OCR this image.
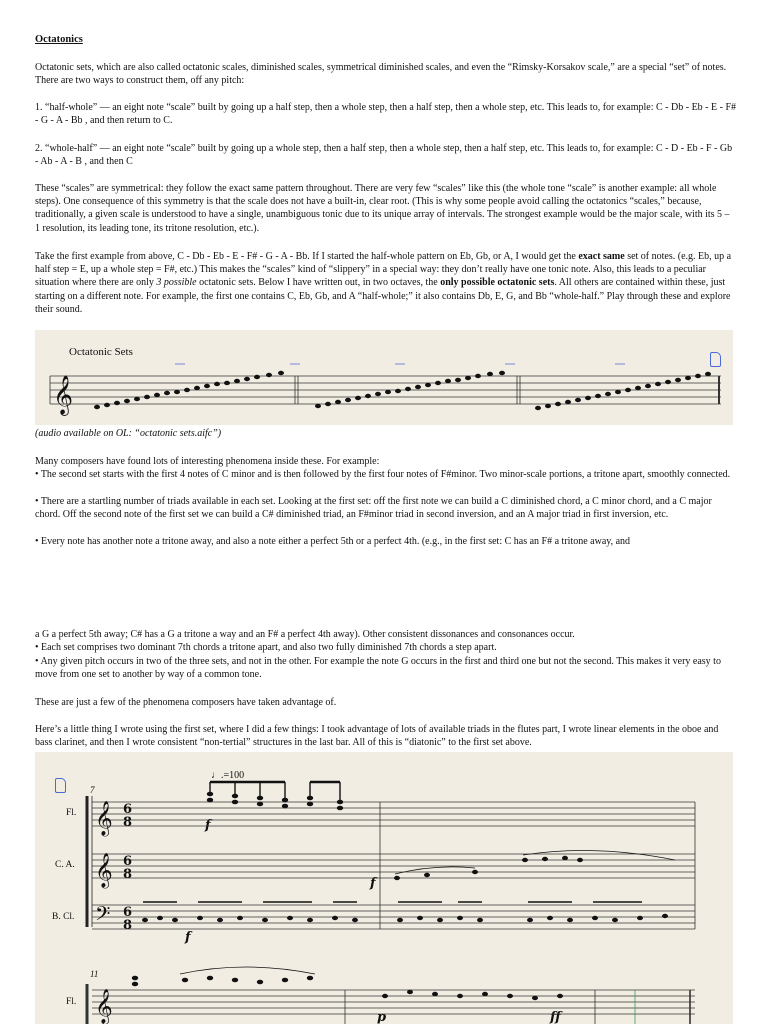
Octatonics
Octatonic sets, which are also called octatonic scales, diminished scales, symmetrical diminished scales, and even the “Rimsky-Korsakov scale,” are a special “set” of notes. There are two ways to construct them, off any pitch:
1. “half-whole” — an eight note “scale” built by going up a half step, then a whole step, then a half step, then a whole step, etc. This leads to, for example: C - Db - Eb - E - F# - G - A - Bb , and then return to C.
2. “whole-half” — an eight note “scale” built by going up a whole step, then a half step, then a whole step, then a half step, etc. This leads to, for example: C - D - Eb - F - Gb - Ab - A - B , and then C
These “scales” are symmetrical: they follow the exact same pattern throughout. There are very few “scales” like this (the whole tone “scale” is another example: all whole steps). One consequence of this symmetry is that the scale does not have a built-in, clear root. (This is why some people avoid calling the octatonics “scales,” because, traditionally, a given scale is understood to have a single, unambiguous tonic due to its unique array of intervals. The strongest example would be the major scale, with its 5 – 1 resolution, its leading tone, its tritone resolution, etc.).
Take the first example from above, C - Db - Eb - E - F# - G - A - Bb. If I started the half-whole pattern on Eb, Gb, or A, I would get the exact same set of notes. (e.g. Eb, up a half step = E, up a whole step = F#, etc.) This makes the “scales” kind of “slippery” in a special way: they don’t really have one tonic note. Also, this leads to a peculiar situation where there are only 3 possible octatonic sets. Below I have written out, in two octaves, the only possible octatonic sets. All others are contained within these, just starting on a different note. For example, the first one contains C, Eb, Gb, and A “half-whole;” it also contains Db, E, G, and Bb “whole-half.” Play through these and explore their sound.
Octatonic Sets
𝄞
(audio available on OL: “octatonic sets.aifc”)
Many composers have found lots of interesting phenomena inside these. For example:
• The second set starts with the first 4 notes of C minor and is then followed by the first four notes of F#minor. Two minor-scale portions, a tritone apart, smoothly connected.
• There are a startling number of triads available in each set. Looking at the first set: off the first note we can build a C diminished chord, a C minor chord, and a C major chord. Off the second note of the first set we can build a C# diminished triad, an F#minor triad in second inversion, and an A major triad in first inversion, etc.
• Every note has another note a tritone away, and also a note either a perfect 5th or a perfect 4th. (e.g., in the first set: C has an F# a tritone away, and
a G a perfect 5th away; C# has a G a tritone a way and an F# a perfect 4th away). Other consistent dissonances and consonances occur.
• Each set comprises two dominant 7th chords a tritone apart, and also two fully diminished 7th chords a step apart.
• Any given pitch occurs in two of the three sets, and not in the other. For example the note G occurs in the first and third one but not the second. This makes it very easy to move from one set to another by way of a common tone.
These are just a few of the phenomena composers have taken advantage of.
Here’s a little thing I wrote using the first set, where I did a few things: I took advantage of lots of available triads in the flutes part, I wrote linear elements in the oboe and bass clarinet, and then I wrote consistent “non-tertial” structures in the last bar. All of this is “diatonic” to the first set above.
♩.=100
7
11
Fl.
C. A.
B. Cl.
Fl.
f
f
f
p	ff
𝄞
𝄞
𝄢
𝄞
6
8
6
8
6
8
